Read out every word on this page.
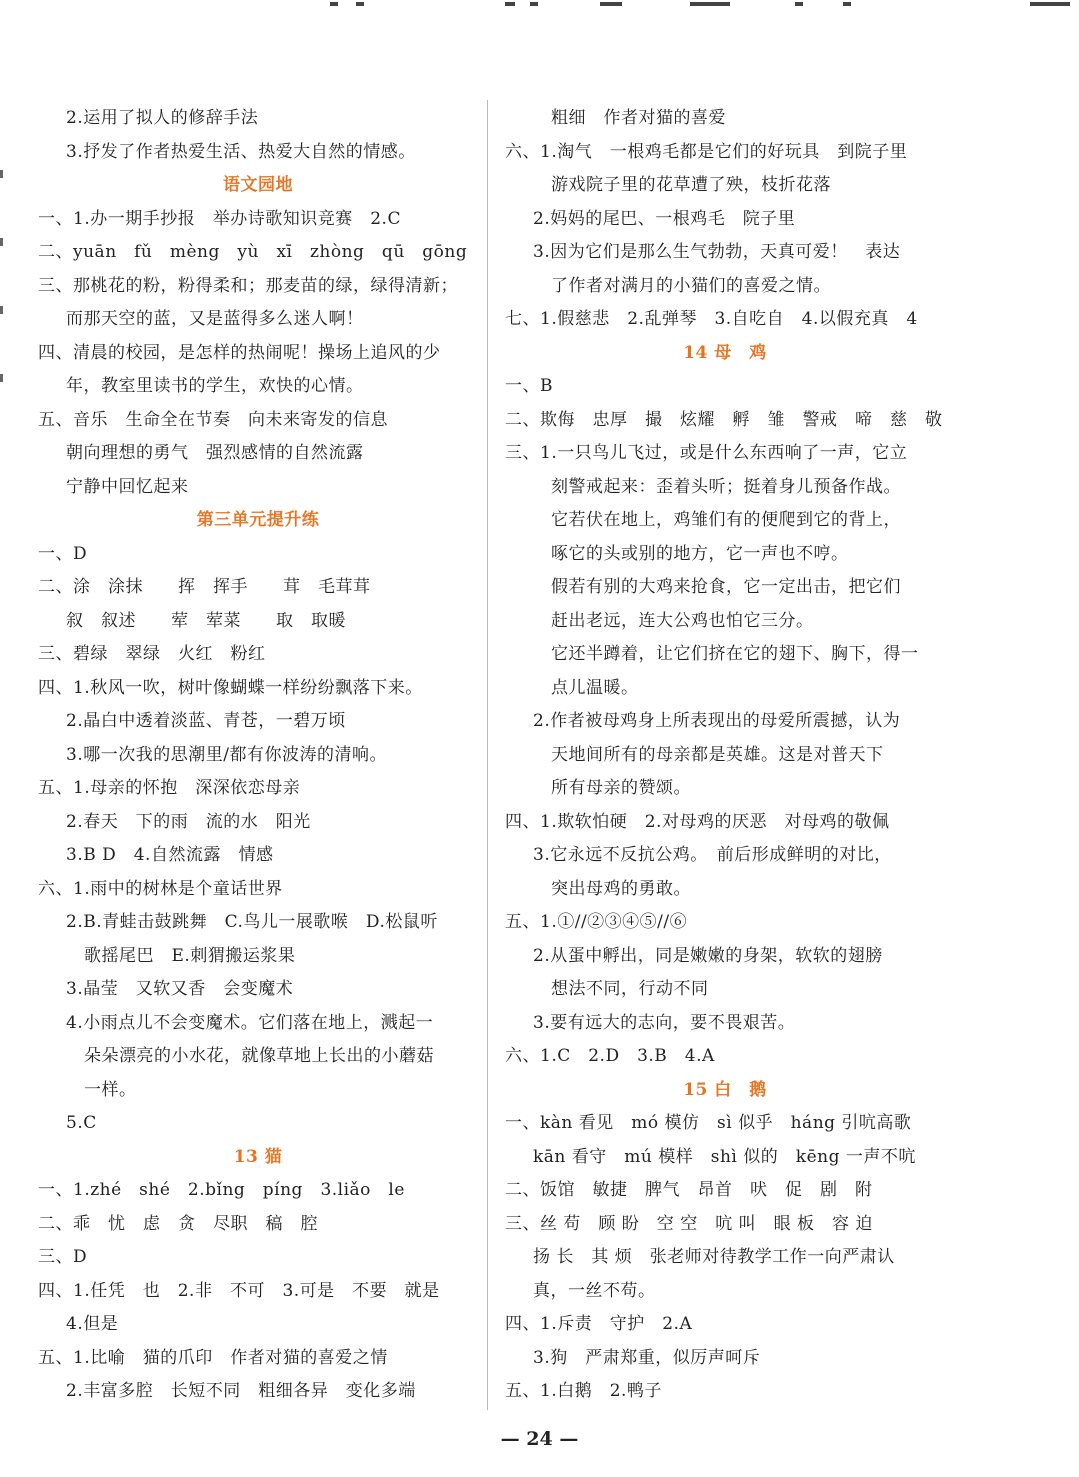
2.运用了拟人的修辞手法
3.抒发了作者热爱生活、热爱大自然的情感。
语文园地
一、1.办一期手抄报　举办诗歌知识竞赛　2.C
二、yuān　fǔ　mèng　yù　xī　zhòng　qū　gōng
三、那桃花的粉，粉得柔和；那麦苗的绿，绿得清新；
而那天空的蓝，又是蓝得多么迷人啊！
四、清晨的校园，是怎样的热闹呢！操场上追风的少
年，教室里读书的学生，欢快的心情。
五、音乐　生命全在节奏　向未来寄发的信息
朝向理想的勇气　强烈感情的自然流露
宁静中回忆起来
第三单元提升练
一、D
二、涂　涂抹　　挥　挥手　　茸　毛茸茸
叙　叙述　　荤　荤菜　　取　取暖
三、碧绿　翠绿　火红　粉红
四、1.秋风一吹，树叶像蝴蝶一样纷纷飘落下来。
2.晶白中透着淡蓝、青苍，一碧万顷
3.哪一次我的思潮里/都有你波涛的清响。
五、1.母亲的怀抱　深深依恋母亲
2.春天　下的雨　流的水　阳光
3.B D　4.自然流露　情感
六、1.雨中的树林是个童话世界
2.B.青蛙击鼓跳舞　C.鸟儿一展歌喉　D.松鼠听
歌摇尾巴　E.刺猬搬运浆果
3.晶莹　又软又香　会变魔术
4.小雨点儿不会变魔术。它们落在地上，溅起一
朵朵漂亮的小水花，就像草地上长出的小蘑菇
一样。
5.C
13 猫
一、1.zhé　shé　2.bǐng　píng　3.liǎo　le
二、乖　忧　虑　贪　尽职　稿　腔
三、D
四、1.任凭　也　2.非　不可　3.可是　不要　就是
4.但是
五、1.比喻　猫的爪印　作者对猫的喜爱之情
2.丰富多腔　长短不同　粗细各异　变化多端
粗细　作者对猫的喜爱
六、1.淘气　一根鸡毛都是它们的好玩具　到院子里
游戏院子里的花草遭了殃，枝折花落
2.妈妈的尾巴、一根鸡毛　院子里
3.因为它们是那么生气勃勃，天真可爱！　表达
了作者对满月的小猫们的喜爱之情。
七、1.假慈悲　2.乱弹琴　3.自吃自　4.以假充真　4
14 母　鸡
一、B
二、欺侮　忠厚　撮　炫耀　孵　雏　警戒　啼　慈　敬
三、1.一只鸟儿飞过，或是什么东西响了一声，它立
刻警戒起来：歪着头听；挺着身儿预备作战。
它若伏在地上，鸡雏们有的便爬到它的背上，
啄它的头或别的地方，它一声也不哼。
假若有别的大鸡来抢食，它一定出击，把它们
赶出老远，连大公鸡也怕它三分。
它还半蹲着，让它们挤在它的翅下、胸下，得一
点儿温暖。
2.作者被母鸡身上所表现出的母爱所震撼，认为
天地间所有的母亲都是英雄。这是对普天下
所有母亲的赞颂。
四、1.欺软怕硬　2.对母鸡的厌恶　对母鸡的敬佩
3.它永远不反抗公鸡。　前后形成鲜明的对比，
突出母鸡的勇敢。
五、1.①//②③④⑤//⑥
2.从蛋中孵出，同是嫩嫩的身架，软软的翅膀
想法不同，行动不同
3.要有远大的志向，要不畏艰苦。
六、1.C　2.D　3.B　4.A
15 白　鹅
一、kàn 看见　mó 模仿　sì 似乎　háng 引吭高歌
kān 看守　mú 模样　shì 似的　kēng 一声不吭
二、饭馆　敏捷　脾气　昂首　吠　促　剧　附
三、丝 苟　顾 盼　空 空　吭 叫　眼 板　容 迫
扬 长　其 烦　张老师对待教学工作一向严肃认
真，一丝不苟。
四、1.斥责　守护　2.A
3.狗　严肃郑重，似厉声呵斥
五、1.白鹅　2.鸭子
— 24 —
